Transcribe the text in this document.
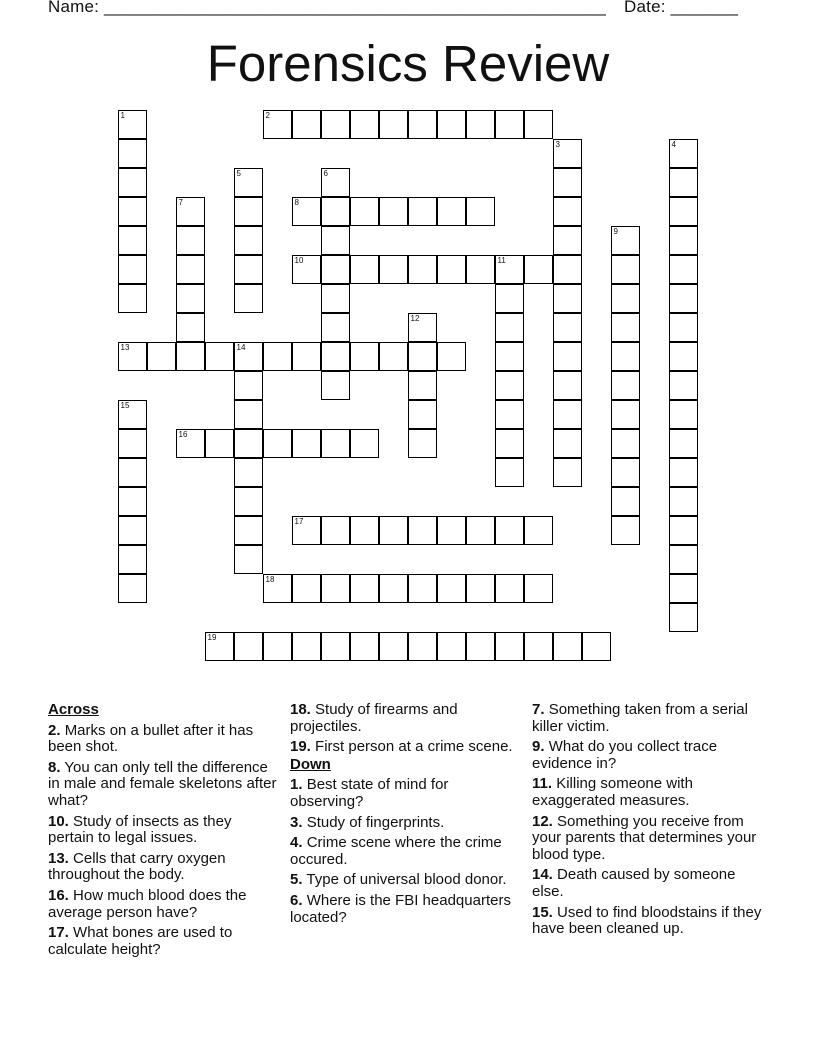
Name: ____________________________________________________ Date: _______
Forensics Review
1	2
3	4
5	6
7	8
9
10	11
12
13	14
15
16
17
18
19
Across
2. Marks on a bullet after it has been shot.
8. You can only tell the difference in male and female skeletons after what?
10. Study of insects as they pertain to legal issues.
13. Cells that carry oxygen throughout the body.
16. How much blood does the average person have?
17. What bones are used to calculate height?
18. Study of firearms and projectiles.
19. First person at a crime scene.
Down
1. Best state of mind for observing?
3. Study of fingerprints.
4. Crime scene where the crime occured.
5. Type of universal blood donor.
6. Where is the FBI headquarters located?
7. Something taken from a serial killer victim.
9. What do you collect trace evidence in?
11. Killing someone with exaggerated measures.
12. Something you receive from your parents that determines your blood type.
14. Death caused by someone else.
15. Used to find bloodstains if they have been cleaned up.
